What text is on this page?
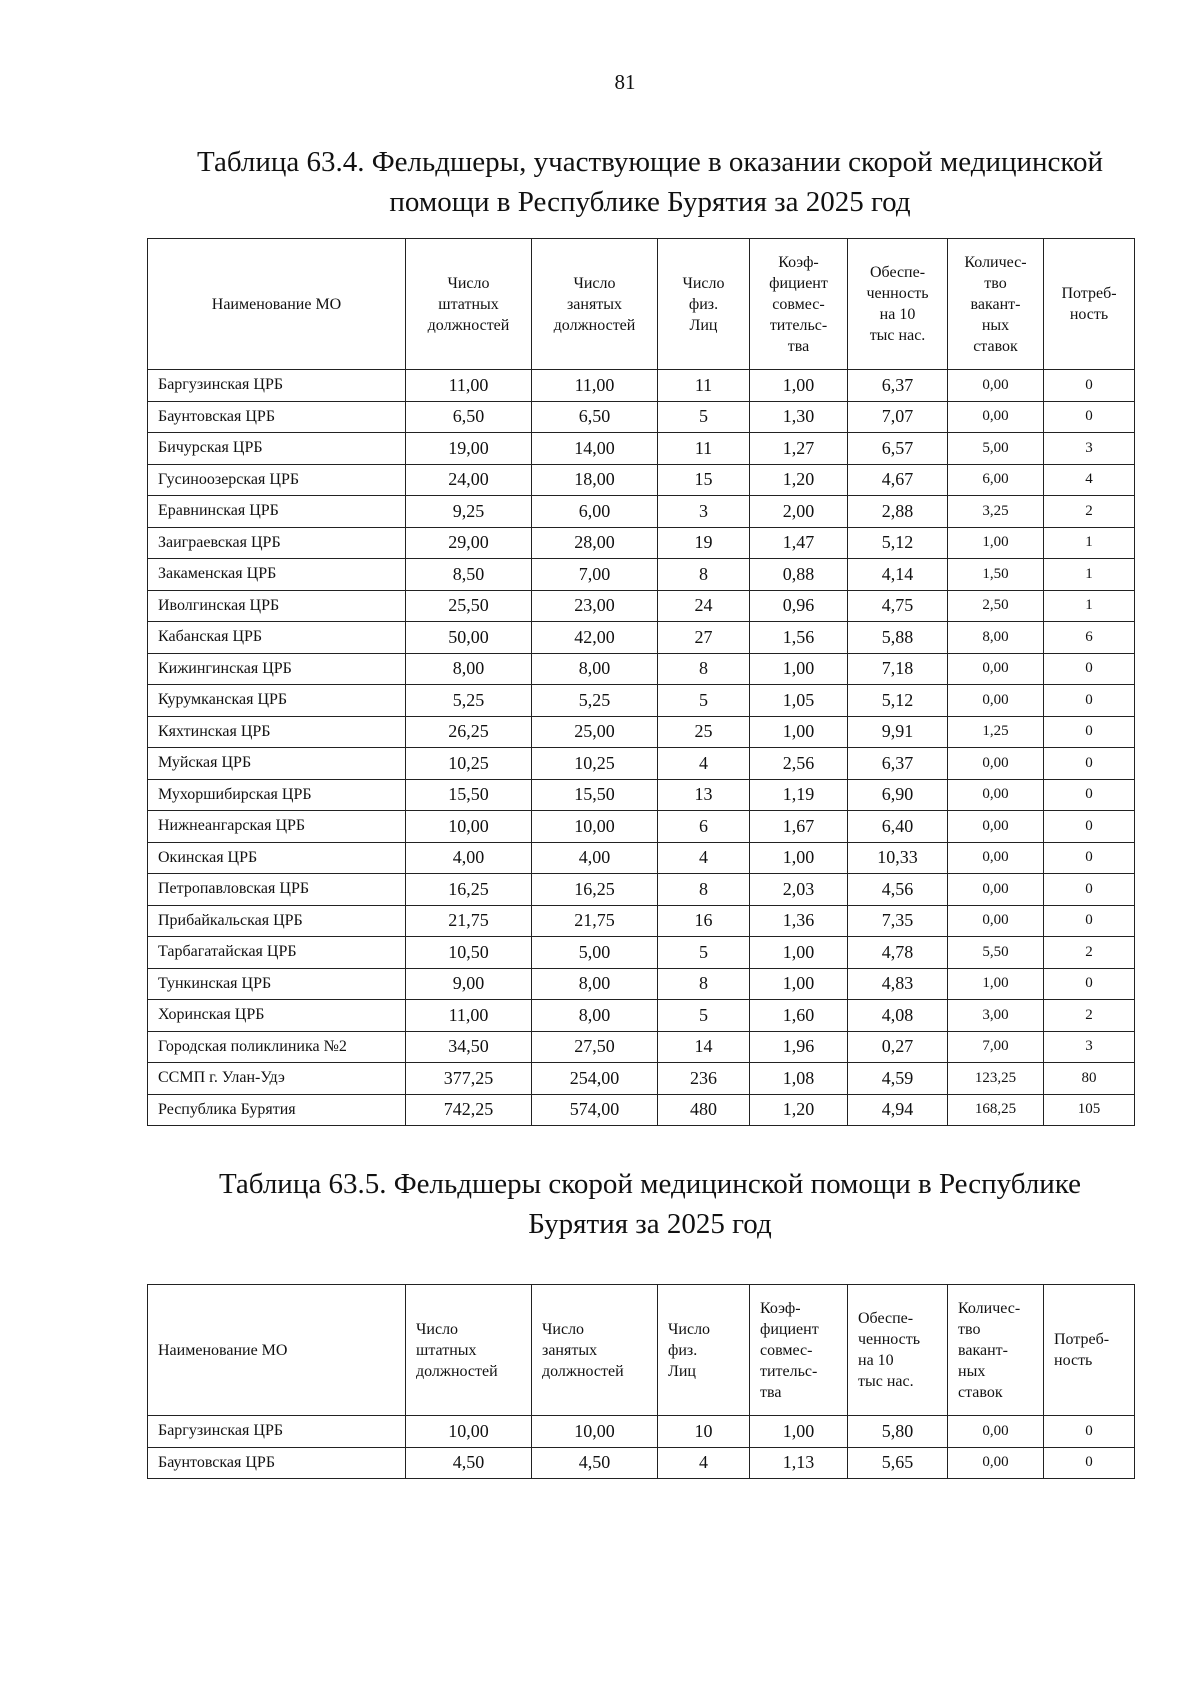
81
Таблица 63.4. Фельдшеры, участвующие в оказании скорой медицинской
помощи в Республике Бурятия за 2025 год
Наименование МО	Число
штатных
должностей	Число
занятых
должностей	Число
физ.
Лиц	Коэф-
фициент
совмес-
тительс-
тва	Обеспе-
ченность
на 10
тыс нас.	Количес-
тво
вакант-
ных
ставок	Потреб-
ность
Баргузинская ЦРБ	11,00	11,00	11	1,00	6,37	0,00	0
Баунтовская ЦРБ	6,50	6,50	5	1,30	7,07	0,00	0
Бичурская ЦРБ	19,00	14,00	11	1,27	6,57	5,00	3
Гусиноозерская ЦРБ	24,00	18,00	15	1,20	4,67	6,00	4
Еравнинская ЦРБ	9,25	6,00	3	2,00	2,88	3,25	2
Заиграевская ЦРБ	29,00	28,00	19	1,47	5,12	1,00	1
Закаменская ЦРБ	8,50	7,00	8	0,88	4,14	1,50	1
Иволгинская ЦРБ	25,50	23,00	24	0,96	4,75	2,50	1
Кабанская ЦРБ	50,00	42,00	27	1,56	5,88	8,00	6
Кижингинская ЦРБ	8,00	8,00	8	1,00	7,18	0,00	0
Курумканская ЦРБ	5,25	5,25	5	1,05	5,12	0,00	0
Кяхтинская ЦРБ	26,25	25,00	25	1,00	9,91	1,25	0
Муйская ЦРБ	10,25	10,25	4	2,56	6,37	0,00	0
Мухоршибирская ЦРБ	15,50	15,50	13	1,19	6,90	0,00	0
Нижнеангарская ЦРБ	10,00	10,00	6	1,67	6,40	0,00	0
Окинская ЦРБ	4,00	4,00	4	1,00	10,33	0,00	0
Петропавловская ЦРБ	16,25	16,25	8	2,03	4,56	0,00	0
Прибайкальская ЦРБ	21,75	21,75	16	1,36	7,35	0,00	0
Тарбагатайская ЦРБ	10,50	5,00	5	1,00	4,78	5,50	2
Тункинская ЦРБ	9,00	8,00	8	1,00	4,83	1,00	0
Хоринская ЦРБ	11,00	8,00	5	1,60	4,08	3,00	2
Городская поликлиника №2	34,50	27,50	14	1,96	0,27	7,00	3
ССМП г. Улан-Удэ	377,25	254,00	236	1,08	4,59	123,25	80
Республика Бурятия	742,25	574,00	480	1,20	4,94	168,25	105
Таблица 63.5. Фельдшеры скорой медицинской помощи в Республике
Бурятия за 2025 год
Наименование МО	Число
штатных
должностей	Число
занятых
должностей	Число
физ.
Лиц	Коэф-
фициент
совмес-
тительс-
тва	Обеспе-
ченность
на 10
тыс нас.	Количес-
тво
вакант-
ных
ставок	Потреб-
ность
Баргузинская ЦРБ	10,00	10,00	10	1,00	5,80	0,00	0
Баунтовская ЦРБ	4,50	4,50	4	1,13	5,65	0,00	0
